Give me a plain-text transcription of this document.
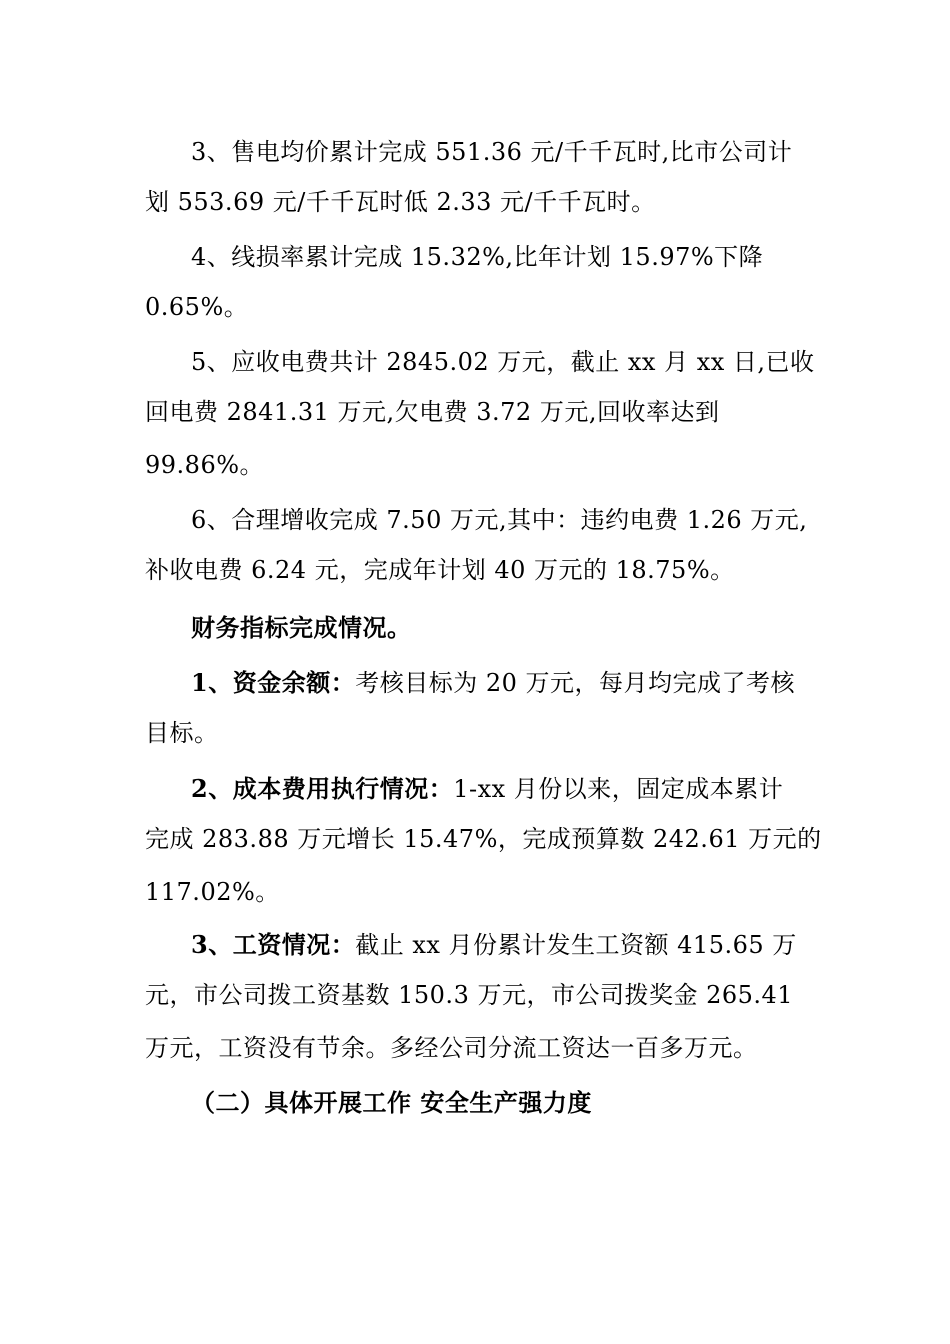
3、售电均价累计完成 551.36 元/千千瓦时,比市公司计
划 553.69 元/千千瓦时低 2.33 元/千千瓦时。
4、线损率累计完成 15.32%,比年计划 15.97%下降
0.65%。
5、应收电费共计 2845.02 万元，截止 xx 月 xx 日,已收
回电费 2841.31 万元,欠电费 3.72 万元,回收率达到
99.86%。
6、合理增收完成 7.50 万元,其中：违约电费 1.26 万元,
补收电费 6.24 元，完成年计划 40 万元的 18.75%。
财务指标完成情况。
1、资金余额：考核目标为 20 万元，每月均完成了考核
目标。
2、成本费用执行情况：1-xx 月份以来，固定成本累计
完成 283.88 万元增长 15.47%，完成预算数 242.61 万元的
117.02%。
3、工资情况：截止 xx 月份累计发生工资额 415.65 万
元，市公司拨工资基数 150.3 万元，市公司拨奖金 265.41
万元，工资没有节余。多经公司分流工资达一百多万元。
（二）具体开展工作 安全生产强力度
